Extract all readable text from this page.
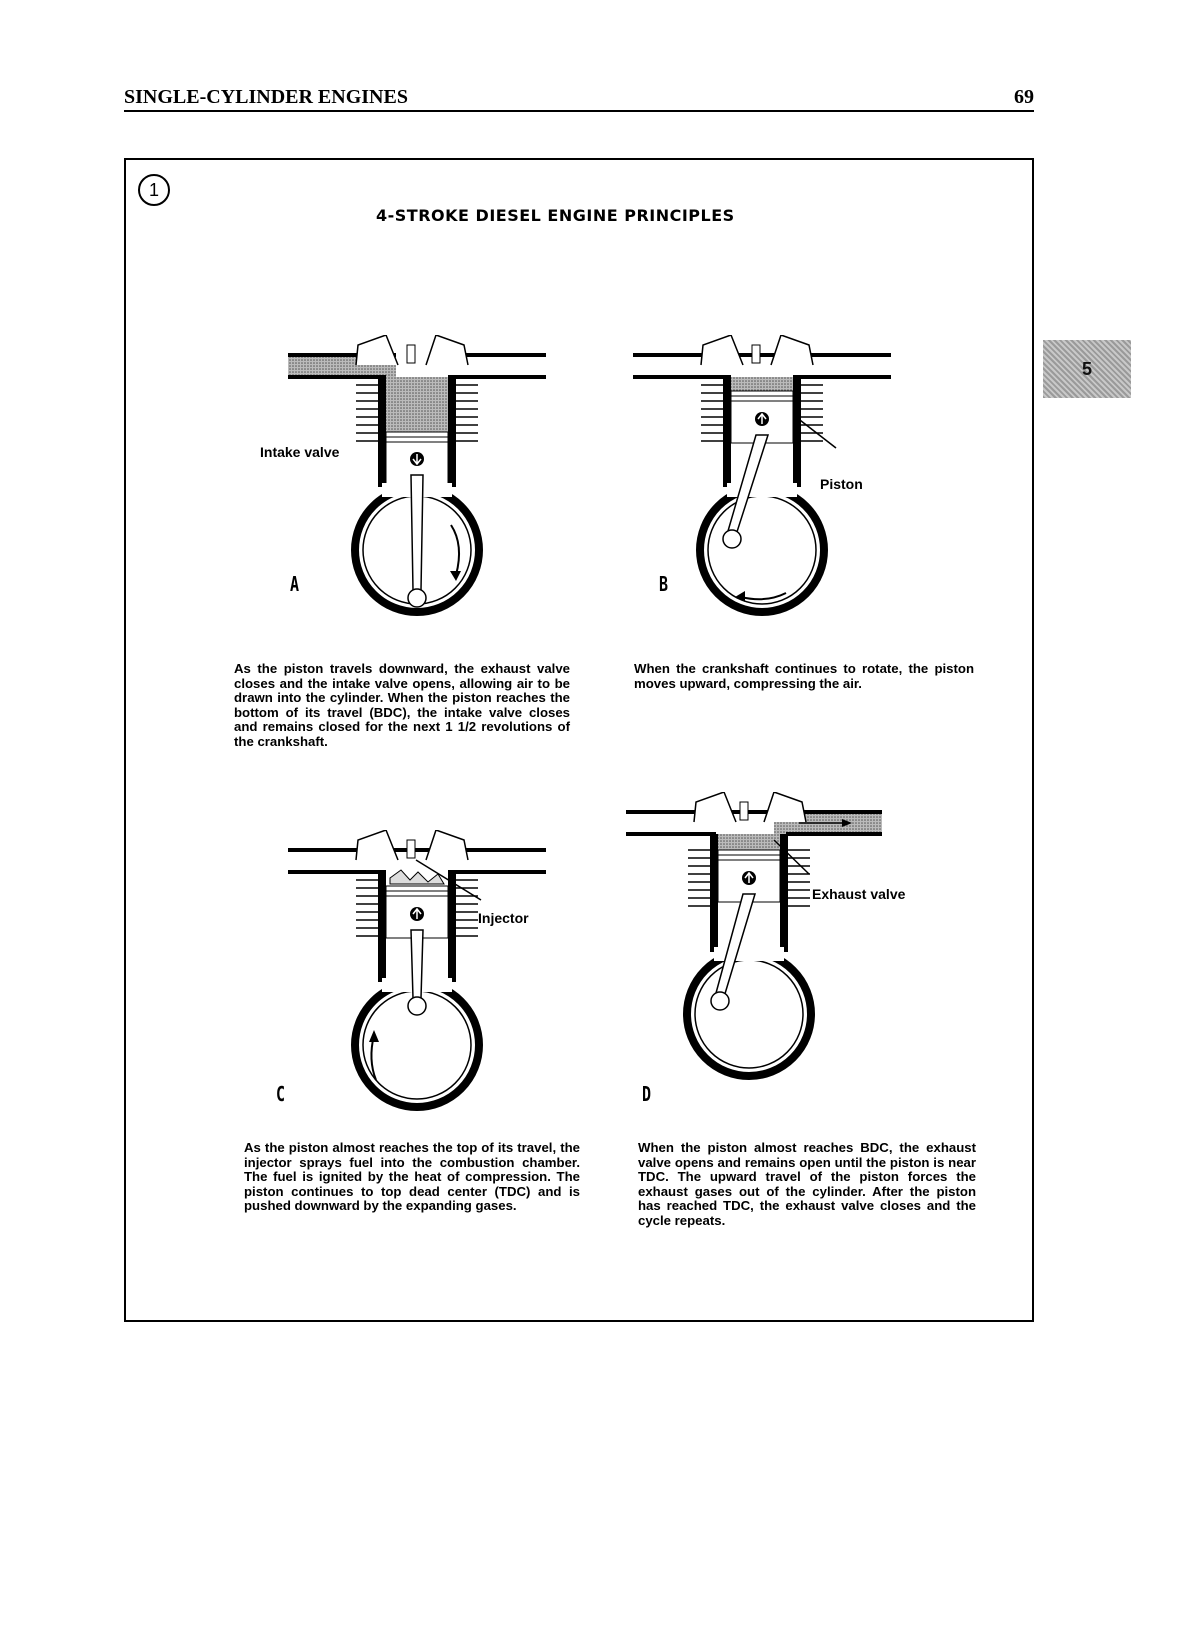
SINGLE-CYLINDER ENGINES	69
5
1
4-STROKE DIESEL ENGINE PRINCIPLES
Intake valve
A
As the piston travels downward, the exhaust valve closes and the intake valve opens, allowing air to be drawn into the cylinder. When the piston reaches the bottom of its travel (BDC), the intake valve closes and remains closed for the next 1 1/2 revolutions of the crankshaft.
Piston
B
When the crankshaft continues to rotate, the piston moves upward, compressing the air.
Injector
C
As the piston almost reaches the top of its travel, the injector sprays fuel into the combustion chamber. The fuel is ignited by the heat of compression. The piston continues to top dead center (TDC) and is pushed downward by the expanding gases.
Exhaust valve
D
When the piston almost reaches BDC, the exhaust valve opens and remains open until the piston is near TDC. The upward travel of the piston forces the exhaust gases out of the cylinder. After the piston has reached TDC, the exhaust valve closes and the cycle repeats.
